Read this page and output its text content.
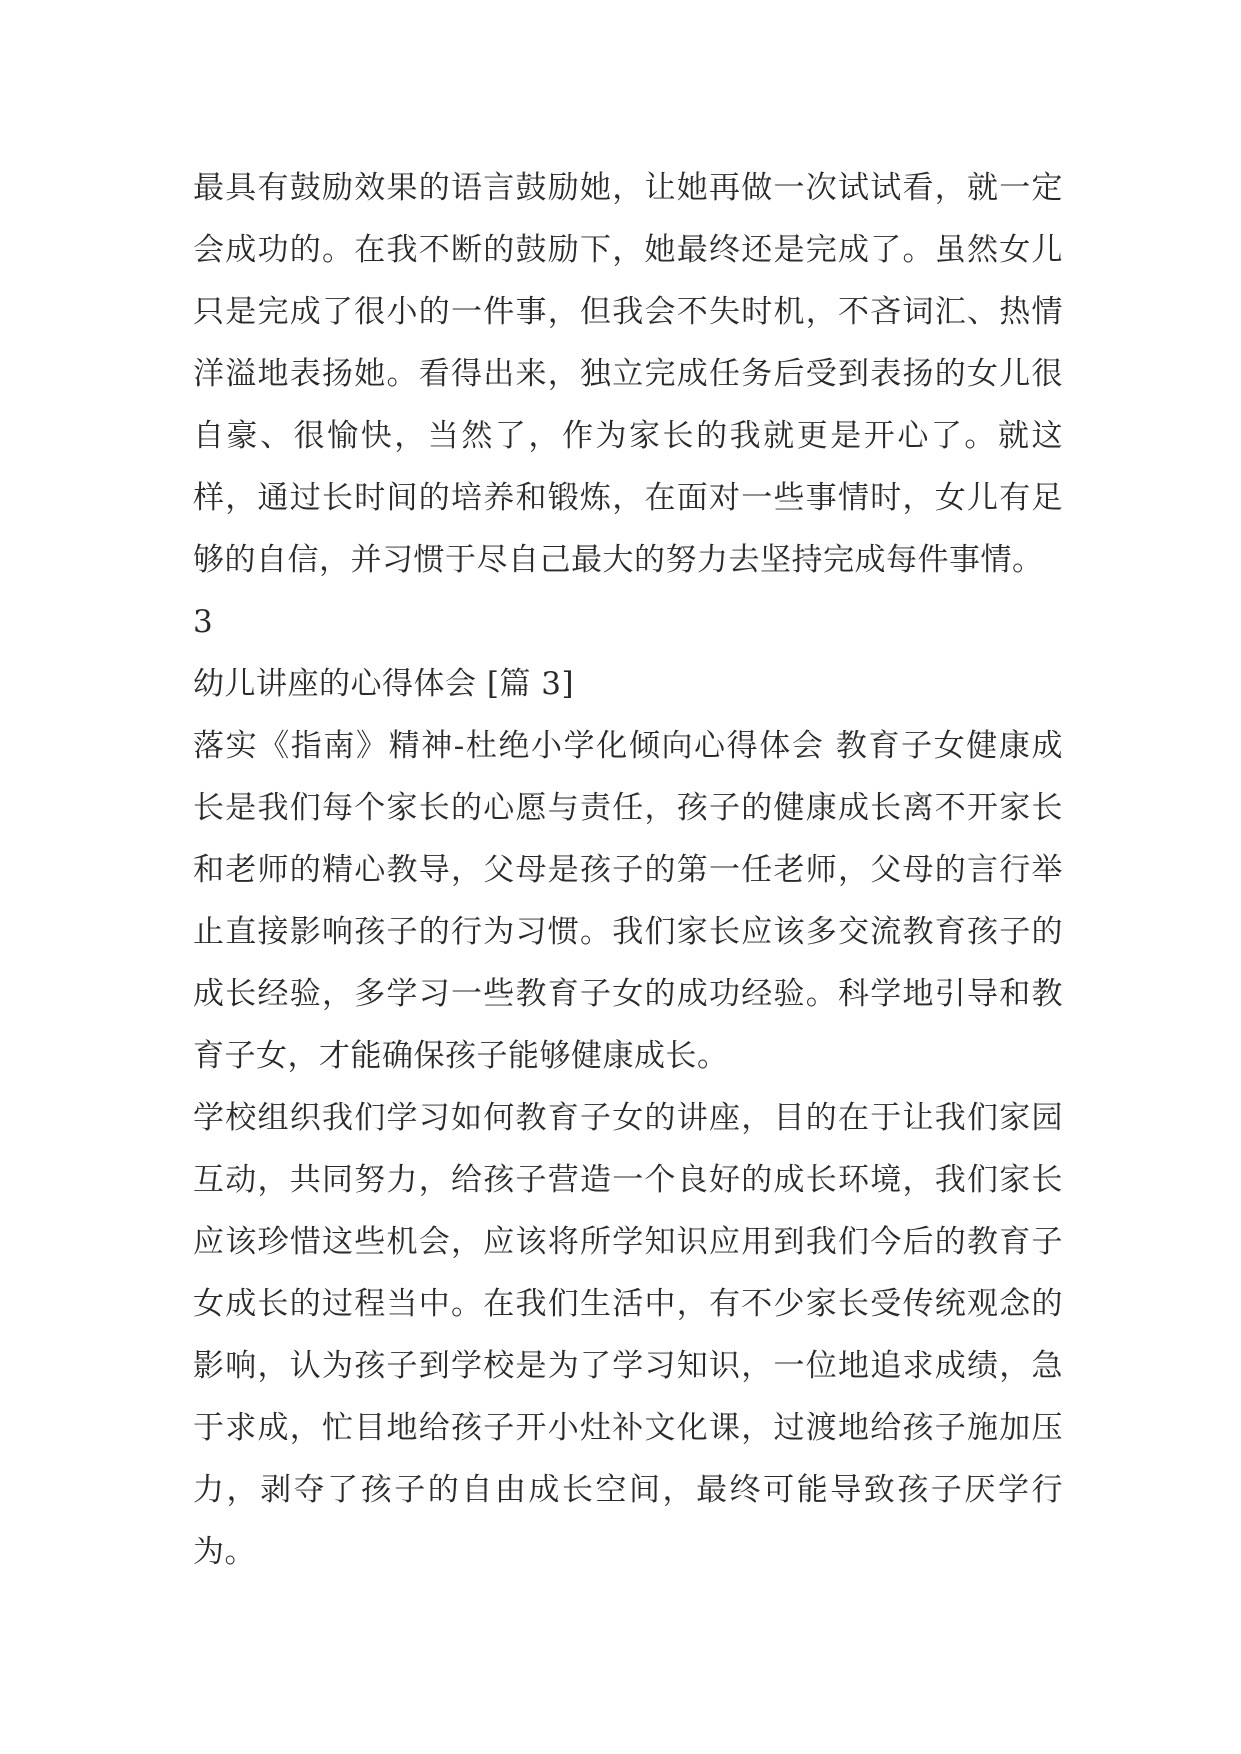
最具有鼓励效果的语言鼓励她，让她再做一次试试看，就一定会成功的。在我不断的鼓励下，她最终还是完成了。虽然女儿只是完成了很小的一件事，但我会不失时机，不吝词汇、热情洋溢地表扬她。看得出来，独立完成任务后受到表扬的女儿很自豪、很愉快，当然了，作为家长的我就更是开心了。就这样，通过长时间的培养和锻炼，在面对一些事情时，女儿有足够的自信，并习惯于尽自己最大的努力去坚持完成每件事情。

3

幼儿讲座的心得体会 [篇 3]

落实《指南》精神-杜绝小学化倾向心得体会 教育子女健康成长是我们每个家长的心愿与责任，孩子的健康成长离不开家长和老师的精心教导，父母是孩子的第一任老师，父母的言行举止直接影响孩子的行为习惯。我们家长应该多交流教育孩子的成长经验，多学习一些教育子女的成功经验。科学地引导和教育子女，才能确保孩子能够健康成长。

学校组织我们学习如何教育子女的讲座，目的在于让我们家园互动，共同努力，给孩子营造一个良好的成长环境，我们家长应该珍惜这些机会，应该将所学知识应用到我们今后的教育子女成长的过程当中。在我们生活中，有不少家长受传统观念的影响，认为孩子到学校是为了学习知识，一位地追求成绩，急于求成，忙目地给孩子开小灶补文化课，过渡地给孩子施加压力，剥夺了孩子的自由成长空间，最终可能导致孩子厌学行为。
